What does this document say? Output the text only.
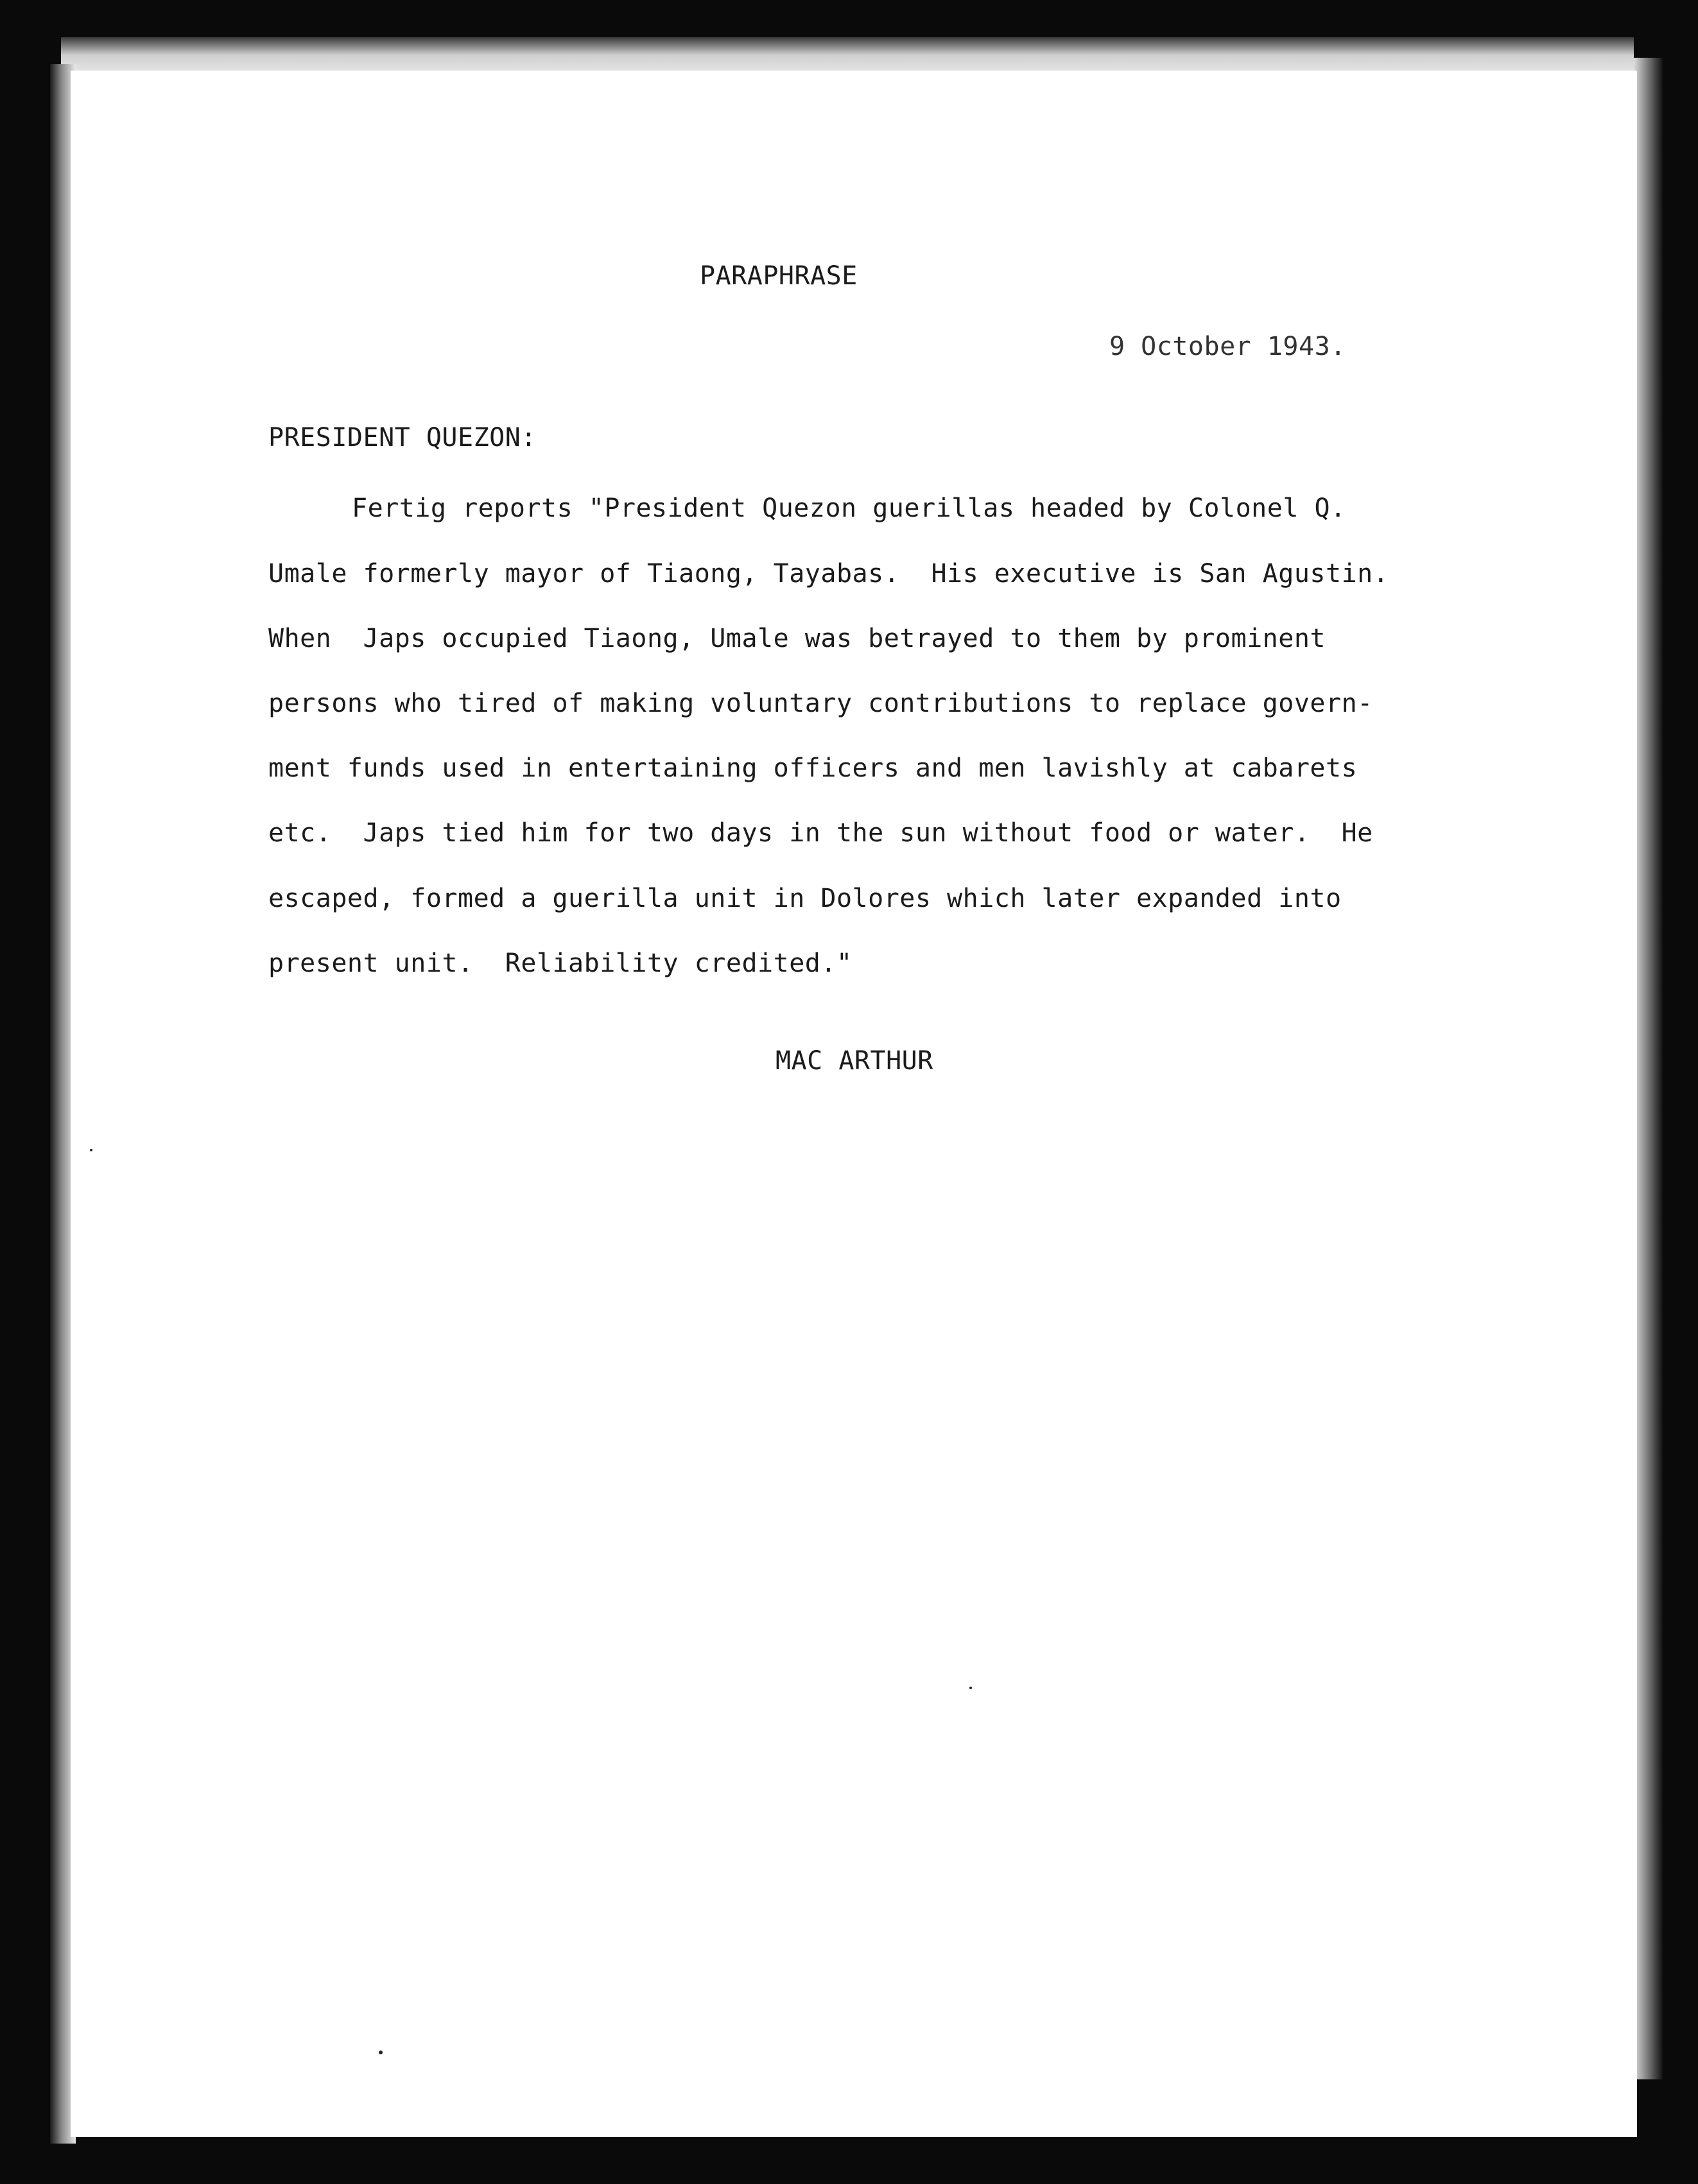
PARAPHRASE
9 October 1943.
PRESIDENT QUEZON:
Fertig reports "President Quezon guerillas headed by Colonel Q.
Umale formerly mayor of Tiaong, Tayabas.  His executive is San Agustin.
When  Japs occupied Tiaong, Umale was betrayed to them by prominent
persons who tired of making voluntary contributions to replace govern-
ment funds used in entertaining officers and men lavishly at cabarets
etc.  Japs tied him for two days in the sun without food or water.  He
escaped, formed a guerilla unit in Dolores which later expanded into
present unit.  Reliability credited."
MAC ARTHUR
